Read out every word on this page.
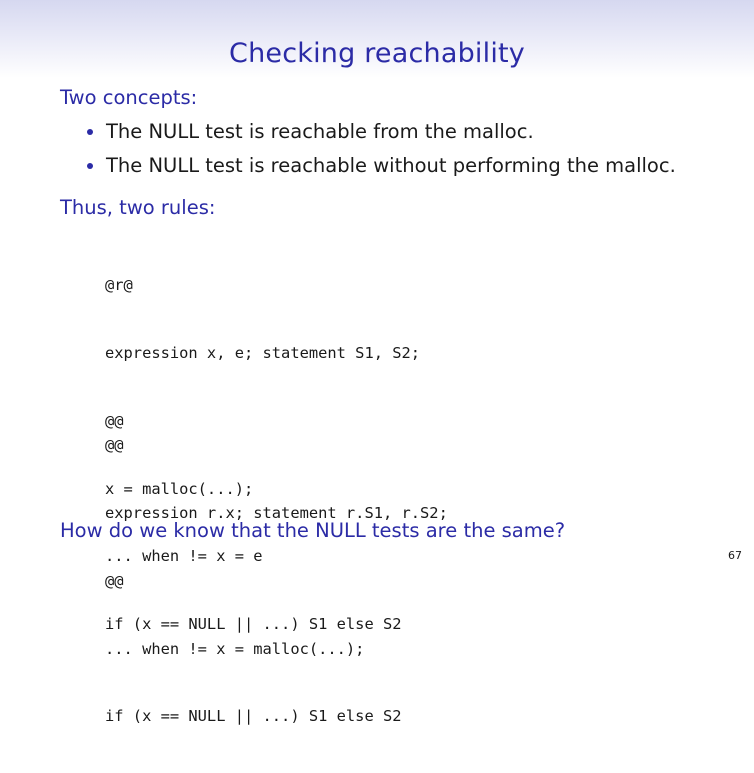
Checking reachability
Two concepts:
The NULL test is reachable from the malloc.
The NULL test is reachable without performing the malloc.
Thus, two rules:

@r@

expression x, e; statement S1, S2;

@@

x = malloc(...);

... when != x = e

if (x == NULL || ...) S1 else S2

@@

expression r.x; statement r.S1, r.S2;

@@

... when != x = malloc(...);

if (x == NULL || ...) S1 else S2

How do we know that the NULL tests are the same?
67
